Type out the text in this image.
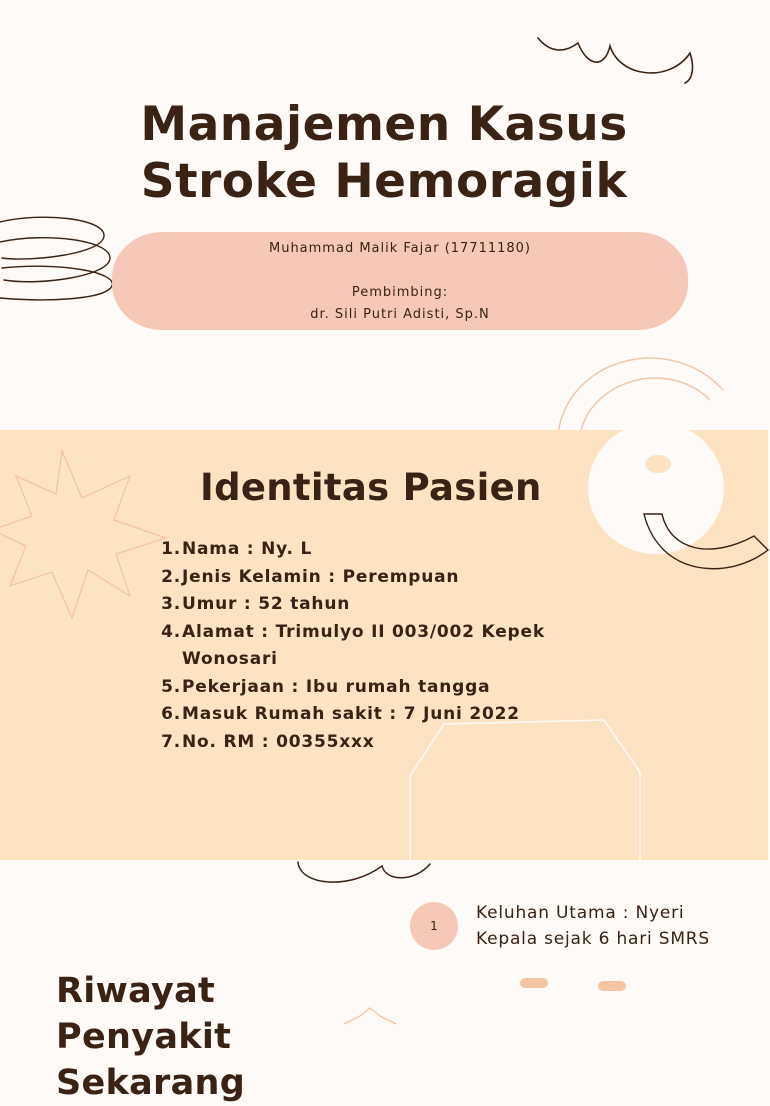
Manajemen Kasus
Stroke Hemoragik
Muhammad Malik Fajar (17711180)
Pembimbing:
dr. Sili Putri Adisti, Sp.N
Identitas Pasien
1. Nama : Ny. L
2. Jenis Kelamin : Perempuan
3. Umur : 52 tahun
4. Alamat : Trimulyo II 003/002 Kepek Wonosari
5. Pekerjaan : Ibu rumah tangga
6. Masuk Rumah sakit : 7 Juni 2022
7. No. RM : 00355xxx
1
Keluhan Utama : Nyeri
Kepala sejak 6 hari SMRS
Riwayat Penyakit Sekarang
